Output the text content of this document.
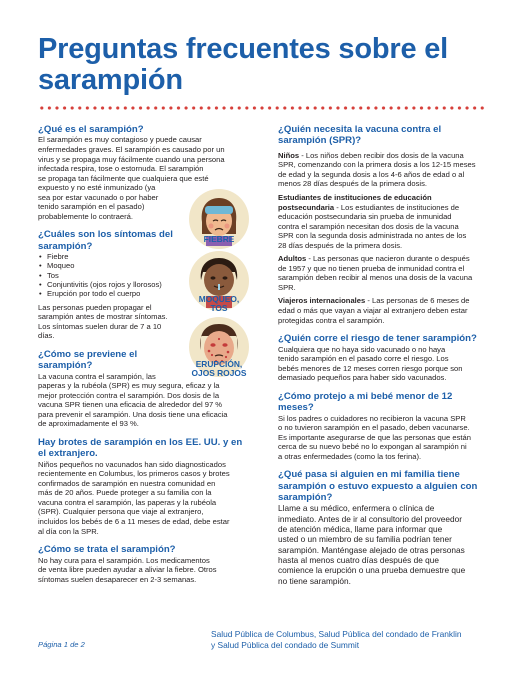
Preguntas frecuentes sobre el sarampión
¿Qué es el sarampión?
El sarampión es muy contagioso y puede causar
enfermedades graves. El sarampión es causado por un
virus y se propaga muy fácilmente cuando una persona
infectada respira, tose o estornuda. El sarampión
se propaga tan fácilmente que cualquiera que esté
expuesto y no esté inmunizado (ya
sea por estar vacunado o por haber
tenido sarampión en el pasado)
probablemente lo contraerá.
¿Cuáles son los síntomas del
sarampión?
• Fiebre
• Moqueo
• Tos
• Conjuntivitis (ojos rojos y llorosos)
• Erupción por todo el cuerpo
Las personas pueden propagar el
sarampión antes de mostrar síntomas.
Los síntomas suelen durar de 7 a 10
días.
¿Cómo se previene el
sarampión?
La vacuna contra el sarampión, las
paperas y la rubéola (SPR) es muy segura, eficaz y la
mejor protección contra el sarampión. Dos dosis de la
vacuna SPR tienen una eficacia de alrededor del 97 %
para prevenir el sarampión. Una dosis tiene una eficacia
de aproximadamente el 93 %.
Hay brotes de sarampión en los EE. UU. y en
el extranjero.
Niños pequeños no vacunados han sido diagnosticados
recientemente en Columbus, los primeros casos y brotes
confirmados de sarampión en nuestra comunidad en
más de 20 años. Puede proteger a su familia con la
vacuna contra el sarampión, las paperas y la rubéola
(SPR). Cualquier persona que viaje al extranjero,
incluidos los bebés de 6 a 11 meses de edad, debe estar
al día con la SPR.
¿Cómo se trata el sarampión?
No hay cura para el sarampión. Los medicamentos
de venta libre pueden ayudar a aliviar la fiebre. Otros
síntomas suelen desaparecer en 2-3 semanas.
FIEBRE
MOQUEO,
TOS
ERUPCIÓN,
OJOS ROJOS
¿Quién necesita la vacuna contra el
sarampión (SPR)?
Niños - Los niños deben recibir dos dosis de la vacuna
SPR, comenzando con la primera dosis a los 12-15 meses
de edad y la segunda dosis a los 4-6 años de edad o al
menos 28 días después de la primera dosis.
Estudiantes de instituciones de educación
postsecundaria - Los estudiantes de instituciones de
educación postsecundaria sin prueba de inmunidad
contra el sarampión necesitan dos dosis de la vacuna
SPR con la segunda dosis administrada no antes de los
28 días después de la primera dosis.
Adultos - Las personas que nacieron durante o después
de 1957 y que no tienen prueba de inmunidad contra el
sarampión deben recibir al menos una dosis de la vacuna
SPR.
Viajeros internacionales - Las personas de 6 meses de
edad o más que vayan a viajar al extranjero deben estar
protegidas contra el sarampión.
¿Quién corre el riesgo de tener sarampión?
Cualquiera que no haya sido vacunado o no haya
tenido sarampión en el pasado corre el riesgo. Los
bebés menores de 12 meses corren riesgo porque son
demasiado pequeños para haber sido vacunados.
¿Cómo protejo a mi bebé menor de 12
meses?
Si los padres o cuidadores no recibieron la vacuna SPR
o no tuvieron sarampión en el pasado, deben vacunarse.
Es importante asegurarse de que las personas que están
cerca de su nuevo bebé no lo expongan al sarampión ni
a otras enfermedades (como la tos ferina).
¿Qué pasa si alguien en mi familia tiene
sarampión o estuvo expuesto a alguien con
sarampión?
Llame a su médico, enfermera o clínica de
inmediato. Antes de ir al consultorio del proveedor
de atención médica, llame para informar que
usted o un miembro de su familia podrían tener
sarampión. Manténgase alejado de otras personas
hasta al menos cuatro días después de que
comience la erupción o una prueba demuestre que
no tiene sarampión.
Página 1 de 2
Salud Pública de Columbus, Salud Pública del condado de Franklin
y Salud Pública del condado de Summit
